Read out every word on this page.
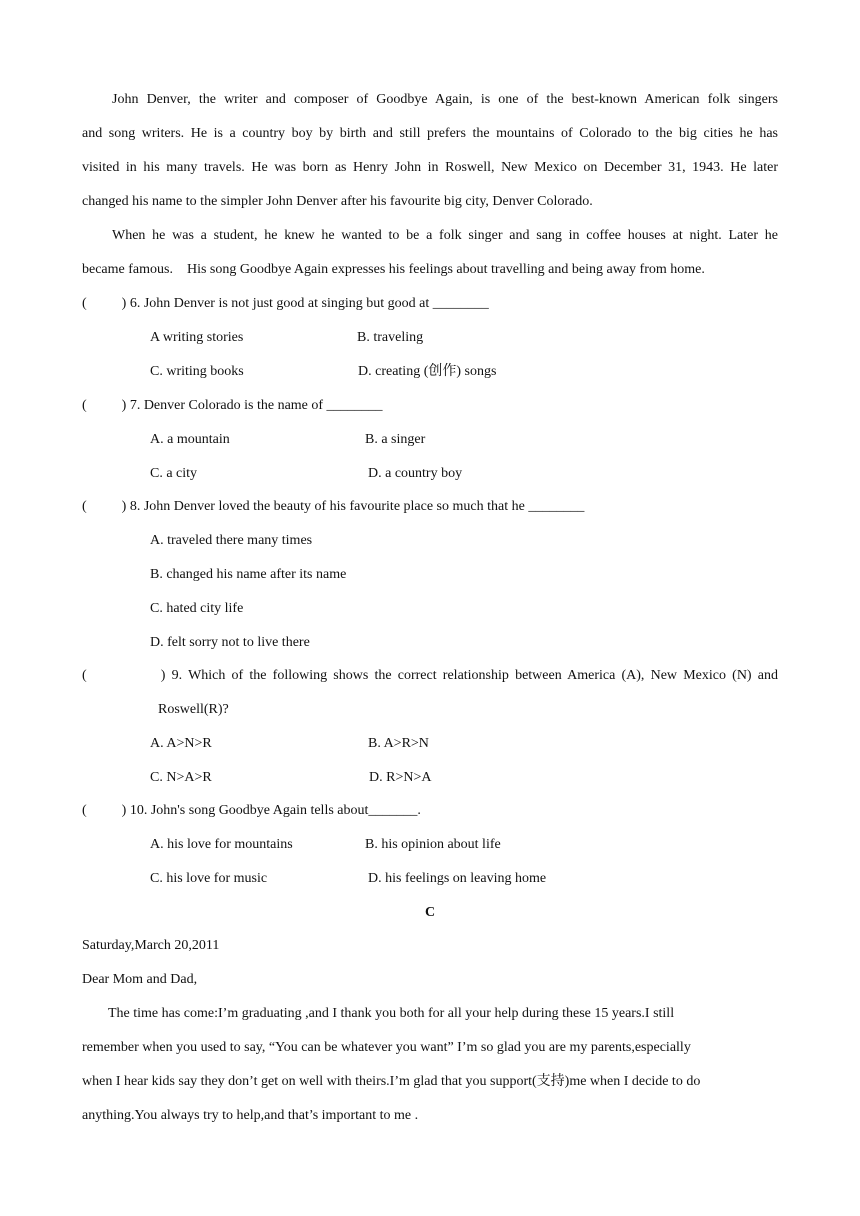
John Denver, the writer and composer of Goodbye Again, is one of the best-known American folk singers
and song writers. He is a country boy by birth and still prefers the mountains of Colorado to the big cities he has
visited in his many travels. He was born as Henry John in Roswell, New Mexico on December 31, 1943. He later
changed his name to the simpler John Denver after his favourite big city, Denver Colorado.
When he was a student, he knew he wanted to be a folk singer and sang in coffee houses at night. Later he
became famous.    His song Goodbye Again expresses his feelings about travelling and being away from home.
(          ) 6. John Denver is not just good at singing but good at ________
A writing stories	B. traveling
C. writing books	D. creating (创作) songs
(          ) 7. Denver Colorado is the name of ________
A. a mountain	B. a singer
C. a city	D. a country boy
(          ) 8. John Denver loved the beauty of his favourite place so much that he ________
A. traveled there many times
B. changed his name after its name
C. hated city life
D. felt sorry not to live there
(            ) 9. Which of the following shows the correct relationship between America (A), New Mexico (N) and
Roswell(R)?
A. A>N>R	B. A>R>N
C. N>A>R	D. R>N>A
(          ) 10. John's song Goodbye Again tells about_______.
A. his love for mountains	B. his opinion about life
C. his love for music	D. his feelings on leaving home
C
Saturday,March 20,2011
Dear Mom and Dad,
The time has come:I’m graduating ,and I thank you both for all your help during these 15 years.I still
remember when you used to say, “You can be whatever you want” I’m so glad you are my parents,especially
when I hear kids say they don’t get on well with theirs.I’m glad that you support(支持)me when I decide to do
anything.You always try to help,and that’s important to me .
